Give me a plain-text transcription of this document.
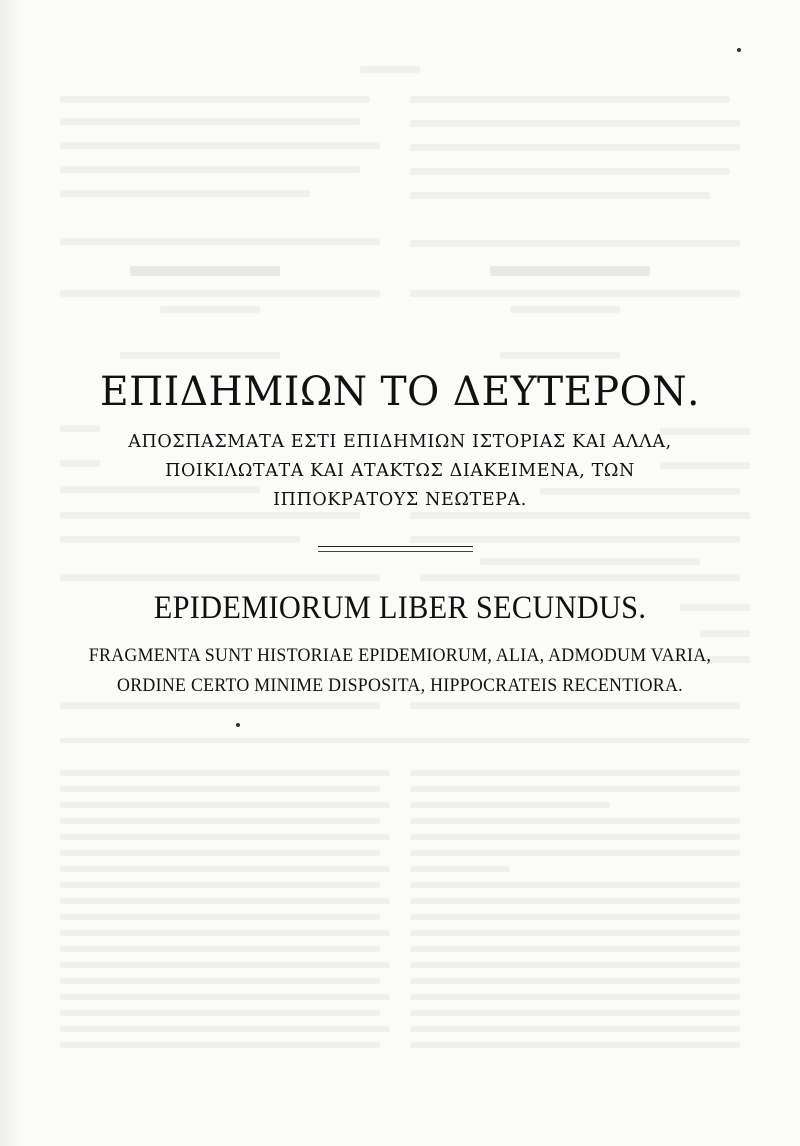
ΕΠΙΔΗΜΙΩΝ ΤΟ ΔΕΥΤΕΡΟΝ.
ΑΠΟΣΠΑΣΜΑΤΑ ΕΣΤΙ ΕΠΙΔΗΜΙΩΝ ΙΣΤΟΡΙΑΣ ΚΑΙ ΑΛΛΑ,
ΠΟΙΚΙΛΩΤΑΤΑ ΚΑΙ ΑΤΑΚΤΩΣ ΔΙΑΚΕΙΜΕΝΑ, ΤΩΝ
ΙΠΠΟΚΡΑΤΟΥΣ ΝΕΩΤΕΡΑ.
EPIDEMIORUM LIBER SECUNDUS.
FRAGMENTA SUNT HISTORIAE EPIDEMIORUM, ALIA, ADMODUM VARIA,
ORDINE CERTO MINIME DISPOSITA, HIPPOCRATEIS RECENTIORA.
